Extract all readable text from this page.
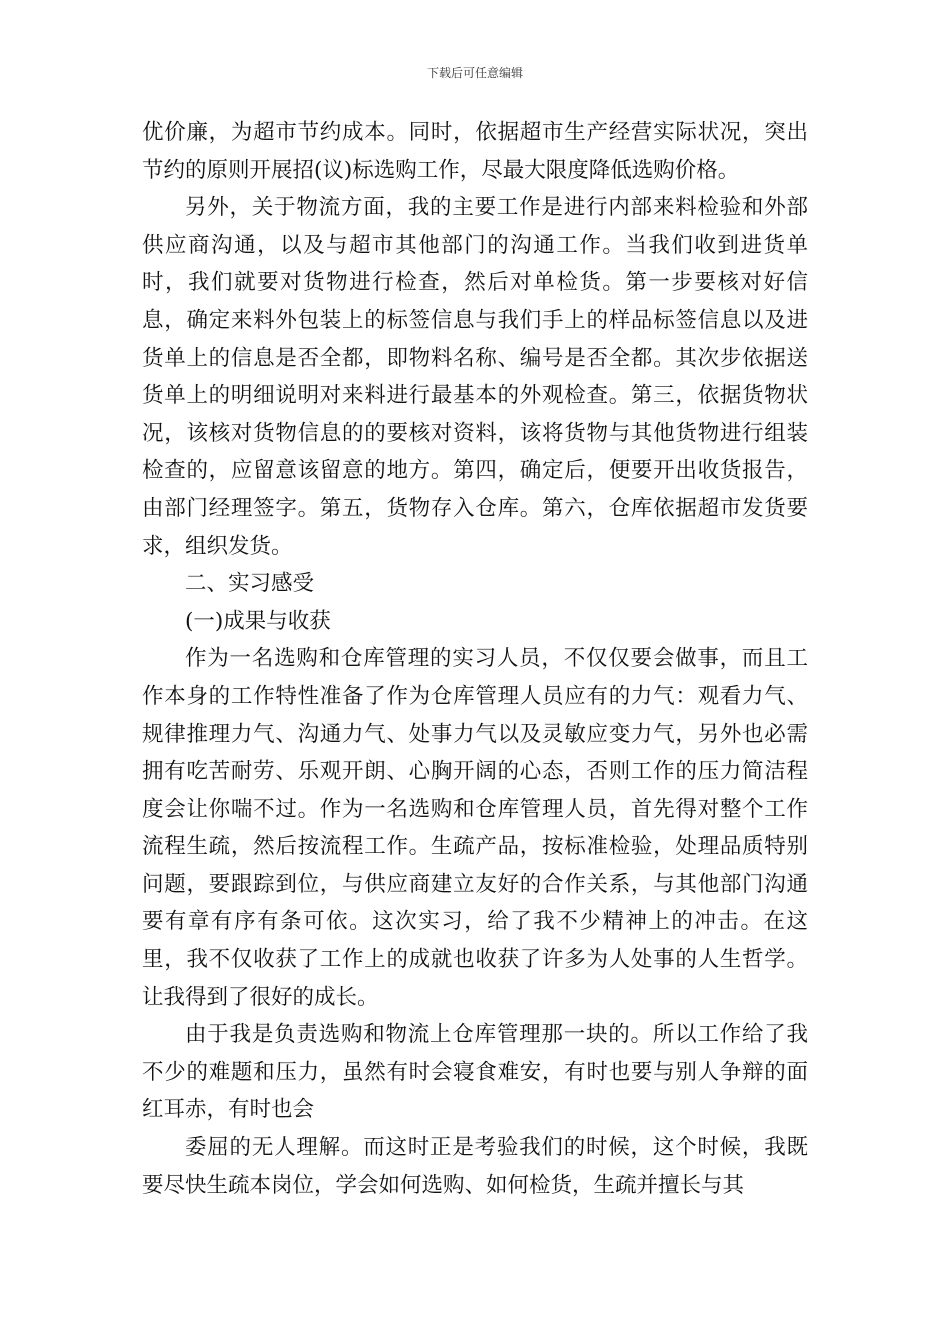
下载后可任意编辑

优价廉，为超市节约成本。同时，依据超市生产经营实际状况，突出节约的原则开展招(议)标选购工作，尽最大限度降低选购价格。

另外，关于物流方面，我的主要工作是进行内部来料检验和外部供应商沟通，以及与超市其他部门的沟通工作。当我们收到进货单时，我们就要对货物进行检查，然后对单检货。第一步要核对好信息，确定来料外包装上的标签信息与我们手上的样品标签信息以及进货单上的信息是否全都，即物料名称、编号是否全都。其次步依据送货单上的明细说明对来料进行最基本的外观检查。第三，依据货物状况，该核对货物信息的的要核对资料，该将货物与其他货物进行组装检查的，应留意该留意的地方。第四，确定后，便要开出收货报告，由部门经理签字。第五，货物存入仓库。第六，仓库依据超市发货要求，组织发货。

二、实习感受

(一)成果与收获

作为一名选购和仓库管理的实习人员，不仅仅要会做事，而且工作本身的工作特性准备了作为仓库管理人员应有的力气：观看力气、规律推理力气、沟通力气、处事力气以及灵敏应变力气，另外也必需拥有吃苦耐劳、乐观开朗、心胸开阔的心态，否则工作的压力简洁程度会让你喘不过。作为一名选购和仓库管理人员，首先得对整个工作流程生疏，然后按流程工作。生疏产品，按标准检验，处理品质特别问题，要跟踪到位，与供应商建立友好的合作关系，与其他部门沟通要有章有序有条可依。这次实习，给了我不少精神上的冲击。在这里，我不仅收获了工作上的成就也收获了许多为人处事的人生哲学。让我得到了很好的成长。

由于我是负责选购和物流上仓库管理那一块的。所以工作给了我不少的难题和压力，虽然有时会寝食难安，有时也要与别人争辩的面红耳赤，有时也会

委屈的无人理解。而这时正是考验我们的时候，这个时候，我既要尽快生疏本岗位，学会如何选购、如何检货，生疏并擅长与其
